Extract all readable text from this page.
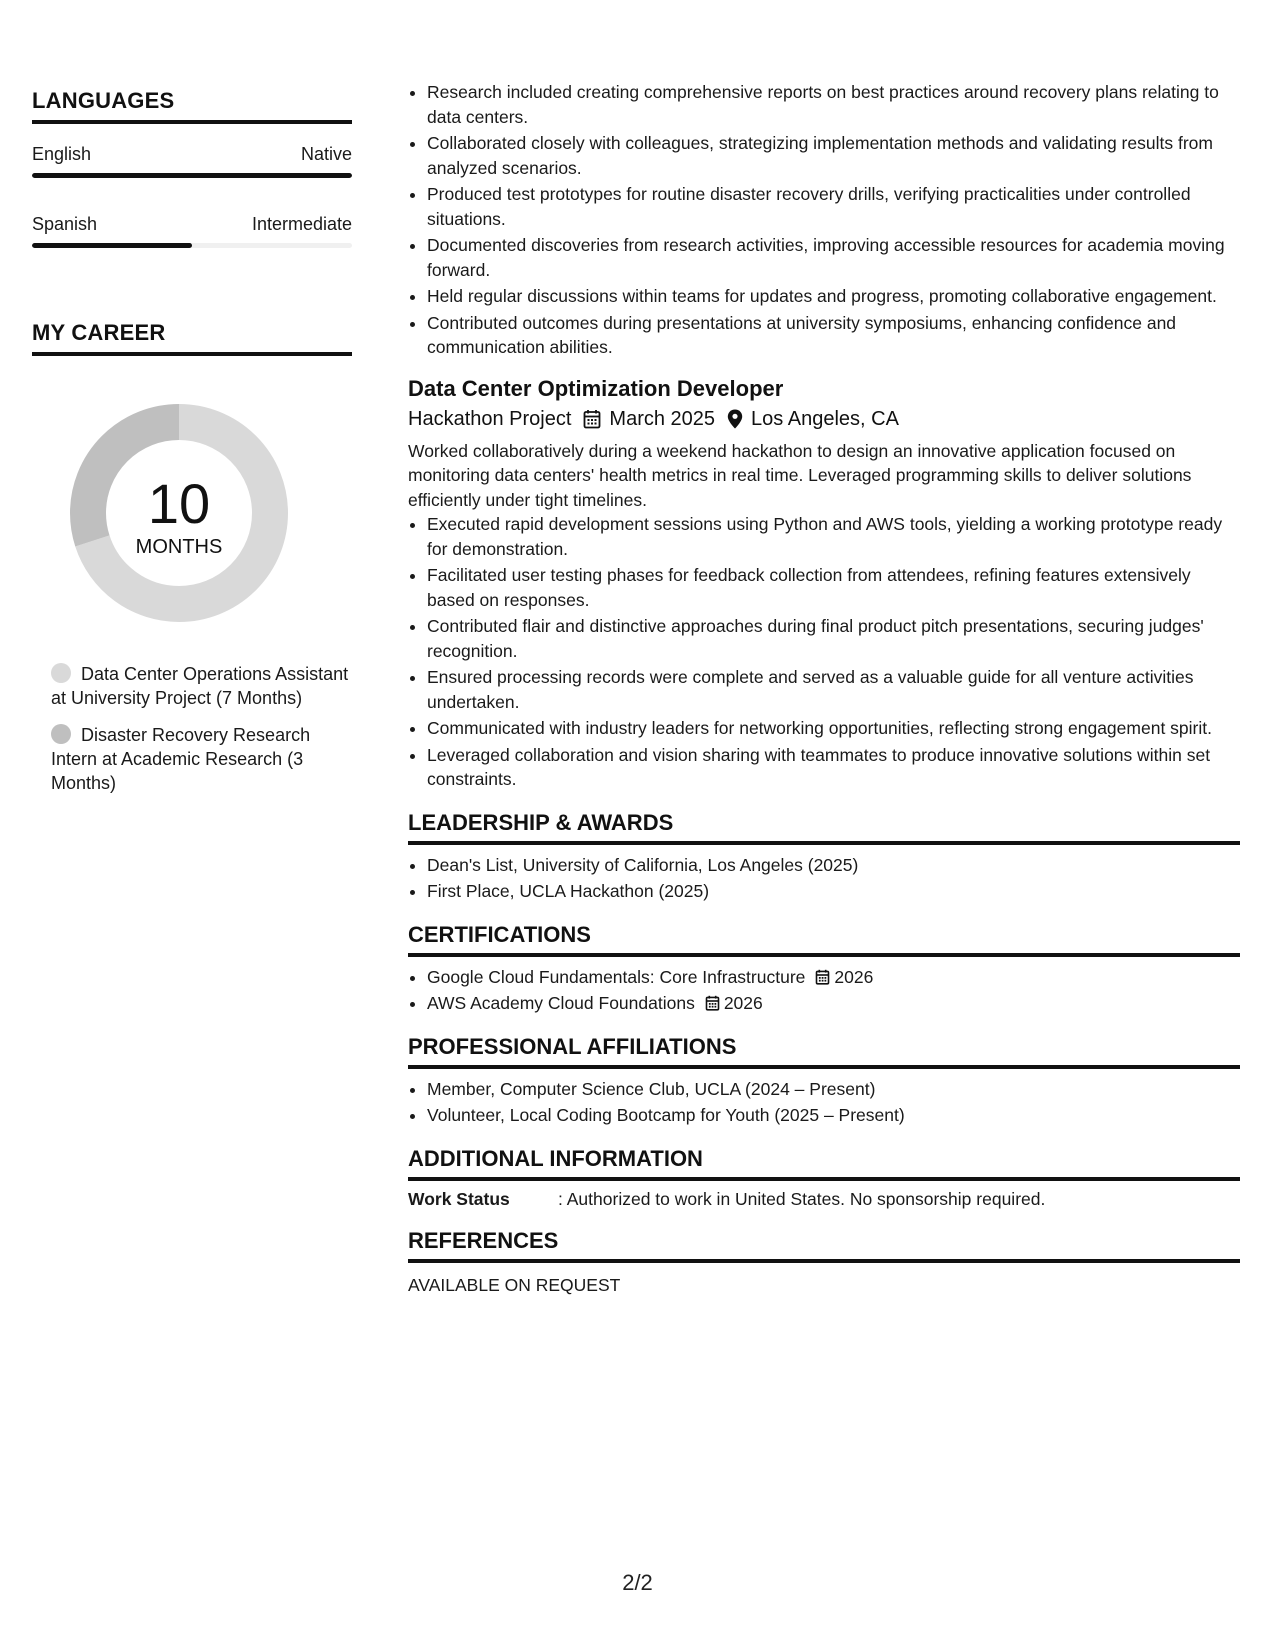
LANGUAGES
English	Native
Spanish	Intermediate
MY CAREER
10
MONTHS
Data Center Operations Assistant at University Project (7 Months)
Disaster Recovery Research Intern at Academic Research (3 Months)
• Research included creating comprehensive reports on best practices around recovery plans relating to data centers.
• Collaborated closely with colleagues, strategizing implementation methods and validating results from analyzed scenarios.
• Produced test prototypes for routine disaster recovery drills, verifying practicalities under controlled situations.
• Documented discoveries from research activities, improving accessible resources for academia moving forward.
• Held regular discussions within teams for updates and progress, promoting collaborative engagement.
• Contributed outcomes during presentations at university symposiums, enhancing confidence and communication abilities.
Data Center Optimization Developer
Hackathon Project March 2025 Los Angeles, CA
Worked collaboratively during a weekend hackathon to design an innovative application focused on monitoring data centers' health metrics in real time. Leveraged programming skills to deliver solutions efficiently under tight timelines.
• Executed rapid development sessions using Python and AWS tools, yielding a working prototype ready for demonstration.
• Facilitated user testing phases for feedback collection from attendees, refining features extensively based on responses.
• Contributed flair and distinctive approaches during final product pitch presentations, securing judges' recognition.
• Ensured processing records were complete and served as a valuable guide for all venture activities undertaken.
• Communicated with industry leaders for networking opportunities, reflecting strong engagement spirit.
• Leveraged collaboration and vision sharing with teammates to produce innovative solutions within set constraints.
LEADERSHIP & AWARDS
• Dean's List, University of California, Los Angeles (2025)
• First Place, UCLA Hackathon (2025)
CERTIFICATIONS
• Google Cloud Fundamentals: Core Infrastructure 2026
• AWS Academy Cloud Foundations 2026
PROFESSIONAL AFFILIATIONS
• Member, Computer Science Club, UCLA (2024 – Present)
• Volunteer, Local Coding Bootcamp for Youth (2025 – Present)
ADDITIONAL INFORMATION
Work Status	: Authorized to work in United States. No sponsorship required.
REFERENCES
AVAILABLE ON REQUEST
2/2
